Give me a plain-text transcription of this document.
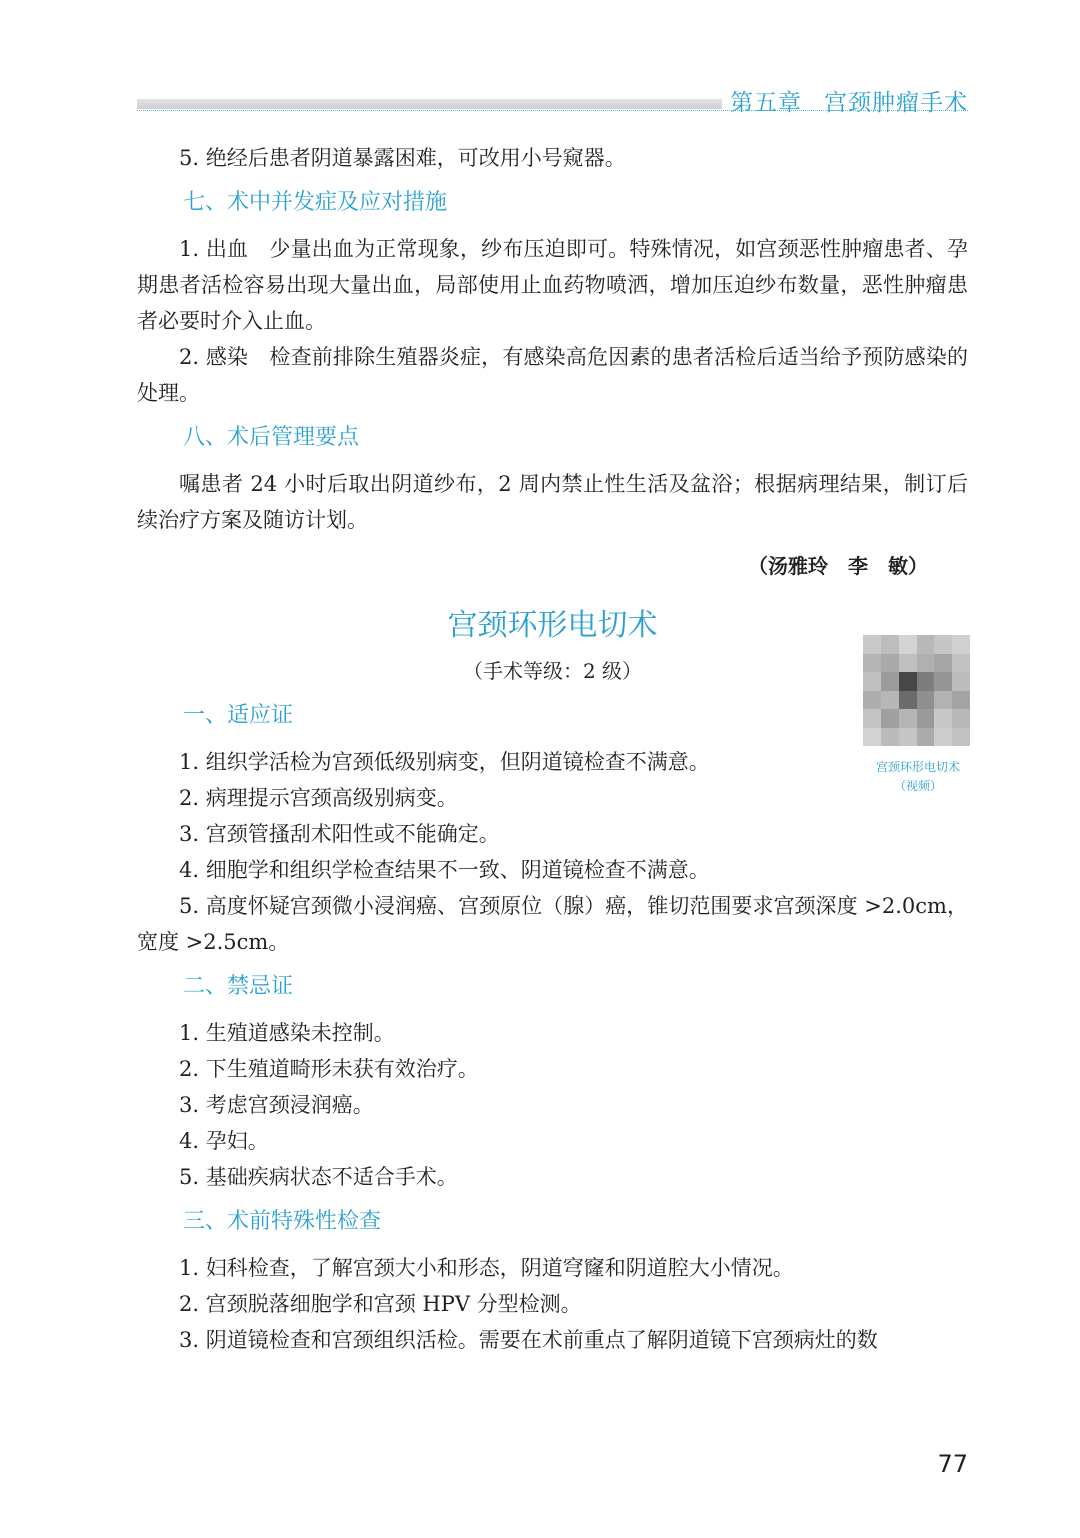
第五章 宫颈肿瘤手术

5. 绝经后患者阴道暴露困难，可改用小号窥器。

七、术中并发症及应对措施

1. 出血　少量出血为正常现象，纱布压迫即可。特殊情况，如宫颈恶性肿瘤患者、孕期患者活检容易出现大量出血，局部使用止血药物喷洒，增加压迫纱布数量，恶性肿瘤患者必要时介入止血。

2. 感染　检查前排除生殖器炎症，有感染高危因素的患者活检后适当给予预防感染的处理。

八、术后管理要点

嘱患者 24 小时后取出阴道纱布，2 周内禁止性生活及盆浴；根据病理结果，制订后续治疗方案及随访计划。

（汤雅玲　李　敏）
宫颈环形电切术
（手术等级：2 级）
一、适应证

1. 组织学活检为宫颈低级别病变，但阴道镜检查不满意。

2. 病理提示宫颈高级别病变。

3. 宫颈管搔刮术阳性或不能确定。

4. 细胞学和组织学检查结果不一致、阴道镜检查不满意。

5. 高度怀疑宫颈微小浸润癌、宫颈原位（腺）癌，锥切范围要求宫颈深度 >2.0cm，宽度 >2.5cm。

二、禁忌证

1. 生殖道感染未控制。

2. 下生殖道畸形未获有效治疗。

3. 考虑宫颈浸润癌。

4. 孕妇。

5. 基础疾病状态不适合手术。

三、术前特殊性检查

1. 妇科检查，了解宫颈大小和形态，阴道穹窿和阴道腔大小情况。

2. 宫颈脱落细胞学和宫颈 HPV 分型检测。

3. 阴道镜检查和宫颈组织活检。需要在术前重点了解阴道镜下宫颈病灶的数

宫颈环形电切术
（视频）
77
